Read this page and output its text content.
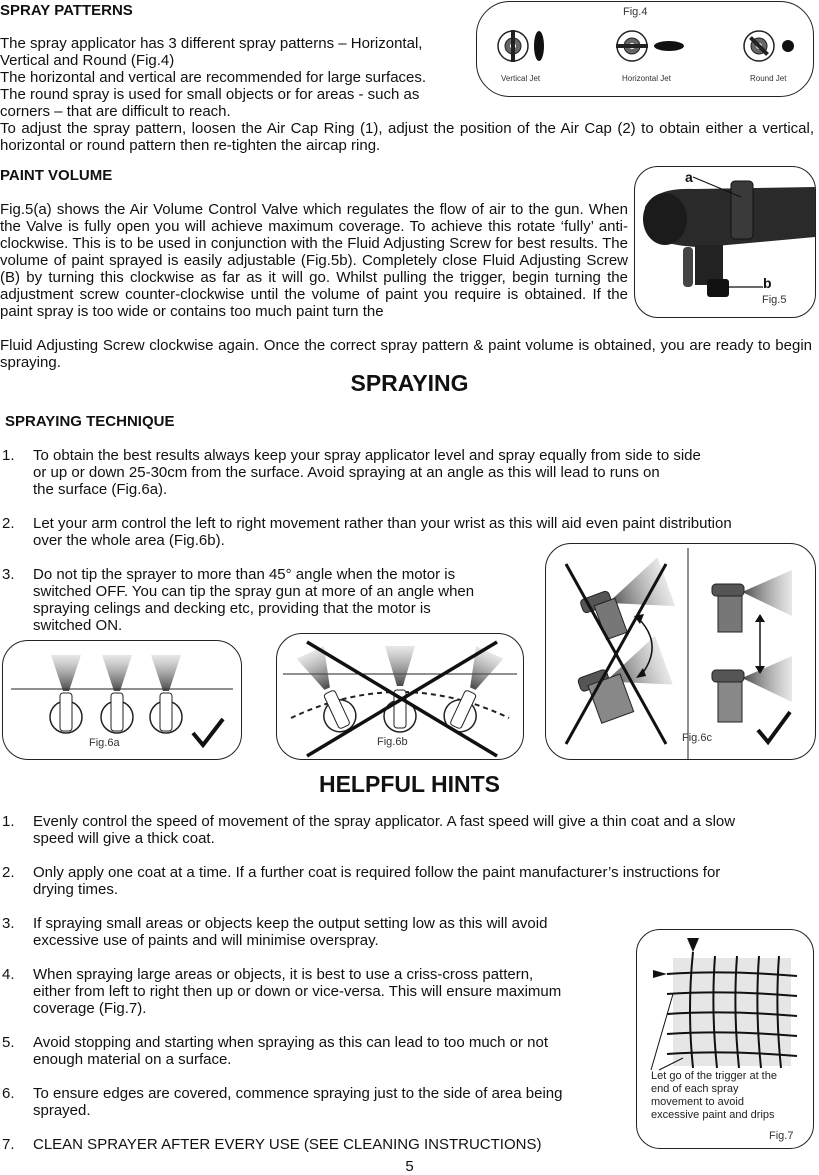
SPRAY PATTERNS
The spray applicator has 3 different spray patterns – Horizontal,
Vertical and Round (Fig.4)
The horizontal and vertical are recommended for large surfaces.
The round spray is used for small objects or for areas - such as
corners – that are difficult to reach.
To adjust the spray pattern, loosen the Air Cap Ring (1), adjust the position of the Air Cap (2) to obtain either a vertical, horizontal or round pattern then re-tighten the aircap ring.
Fig.4
Vertical Jet	Horizontal Jet	Round Jet
PAINT VOLUME
Fig.5(a) shows the Air Volume Control Valve which regulates the flow of air to the gun. When the Valve is fully open you will achieve maximum coverage. To achieve this rotate ‘fully’ anti-clockwise. This is to be used in conjunction with the Fluid Adjusting Screw for best results. The volume of paint sprayed is easily adjustable (Fig.5b). Completely close Fluid Adjusting Screw (B) by turning this clockwise as far as it will go. Whilst pulling the trigger, begin turning the adjustment screw counter-clockwise until the volume of paint you require is obtained. If the paint spray is too wide or contains too much paint turn the
Fluid Adjusting Screw clockwise again. Once the correct spray pattern & paint volume is obtained, you are ready to begin spraying.
a
b
Fig.5
SPRAYING
SPRAYING TECHNIQUE
1. To obtain the best results always keep your spray applicator level and spray equally from side to side
or up or down 25-30cm from the surface. Avoid spraying at an angle as this will lead to runs on
the surface (Fig.6a).
2. Let your arm control the left to right movement rather than your wrist as this will aid even paint distribution
over the whole area (Fig.6b).
3. Do not tip the sprayer to more than 45° angle when the motor is
switched OFF. You can tip the spray gun at more of an angle when
spraying celings and decking etc, providing that the motor is
switched ON.
Fig.6a	Fig.6b	Fig.6c
HELPFUL HINTS
1. Evenly control the speed of movement of the spray applicator. A fast speed will give a thin coat and a slow
speed will give a thick coat.
2. Only apply one coat at a time. If a further coat is required follow the paint manufacturer’s instructions for
drying times.
3. If spraying small areas or objects keep the output setting low as this will avoid
excessive use of paints and will minimise overspray.
4. When spraying large areas or objects, it is best to use a criss-cross pattern,
either from left to right then up or down or vice-versa. This will ensure maximum
coverage (Fig.7).
5. Avoid stopping and starting when spraying as this can lead to too much or not
enough material on a surface.
6. To ensure edges are covered, commence spraying just to the side of area being
sprayed.
7. CLEAN SPRAYER AFTER EVERY USE (SEE CLEANING INSTRUCTIONS)
Let go of the trigger at the
end of each spray
movement to avoid
excessive paint and drips
Fig.7
5
